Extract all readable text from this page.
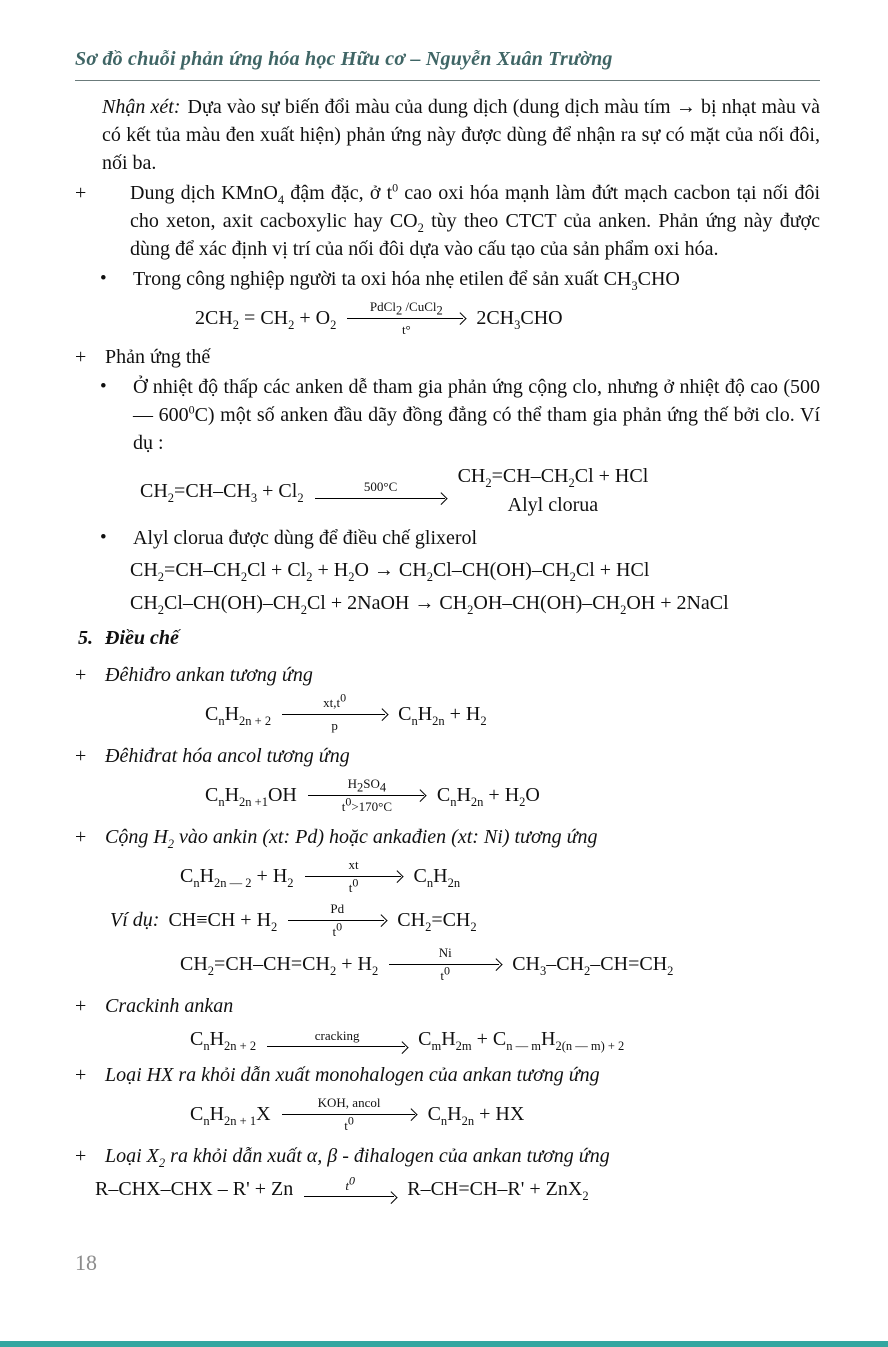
Sơ đồ chuỗi phản ứng hóa học Hữu cơ – Nguyễn Xuân Trường
Nhận xét: Dựa vào sự biến đổi màu của dung dịch (dung dịch màu tím → bị nhạt màu và có kết tủa màu đen xuất hiện) phản ứng này được dùng để nhận ra sự có mặt của nối đôi, nối ba.
+	Dung dịch KMnO$_4$ đậm đặc, ở $t^0$ cao oxi hóa mạnh làm đứt mạch cacbon tại nối đôi cho xeton, axit cacboxylic hay $CO_2$ tùy theo CTCT của anken. Phản ứng này được dùng để xác định vị trí của nối đôi dựa vào cấu tạo của sản phẩm oxi hóa.
•	Trong công nghiệp người ta oxi hóa nhẹ etilen để sản xuất $CH_3CHO$
$2CH_2 = CH_2 + O_2$
PdCl$_2$ /CuCl$_2$
t°
$2CH_3CHO$
+ Phản ứng thế
•	Ở nhiệt độ thấp các anken dễ tham gia phản ứng cộng clo, nhưng ở nhiệt độ cao (500 — $600^0C$) một số anken đầu dãy đồng đẳng có thể tham gia phản ứng thế bởi clo. Ví dụ :
$CH_2=CH-CH_3 + Cl_2$
500°C	$CH_2=CH-CH_2Cl$ + HCl
Alyl clorua
•	Alyl clorua được dùng để điều chế glixerol
$CH_2=CH-CH_2Cl + Cl_2 + H_2O \to CH_2Cl-CH(OH)-CH_2Cl$ + HCl
$CH_2Cl-CH(OH)-CH_2Cl$ + 2NaOH → $CH_2OH-CH(OH)-CH_2OH$ + 2NaCl
5. Điều chế
+ Đêhiđro ankan tương ứng
$C_nH_{2n + 2}$
$xt,t^0$
p
$C_nH_{2n} + H_2$
+ Đêhiđrat hóa ancol tương ứng
$C_nH_{2n +1}OH$
$H_2SO_4$
$t^0>170^\circ C$
$C_nH_{2n} + H_2O$
+ Cộng $H_2$ vào ankin (xt: Pd) hoặc ankađien (xt: Ni) tương ứng
$C_nH_{2n — 2} + H_2$
xt
$t^0$	$C_nH_{2n}$
Ví dụ: $CH\equiv CH + H_2$
Pd
$t^0$	$CH_2=CH_2$
$CH_2=CH-CH=CH_2 + H_2$
Ni
$t^0$	$CH_3-CH_2-CH=CH_2$
+ Crackinh ankan
$C_nH_{2n + 2}$
cracking	$C_mH_{2m} + C_{n — m}H_{2(n — m) + 2}$
+ Loại HX ra khỏi dẫn xuất monohalogen của ankan tương ứng
$C_nH_{2n + 1}X$
KOH, ancol
$t^0$	$C_nH_{2n}$ + HX
+ Loại $X_2$ ra khỏi dẫn xuất α, β - đihalogen của ankan tương ứng
R–CHX–CHX – R' + Zn	$t^0$	R–CH=CH–R' + ZnX$_2$
18
